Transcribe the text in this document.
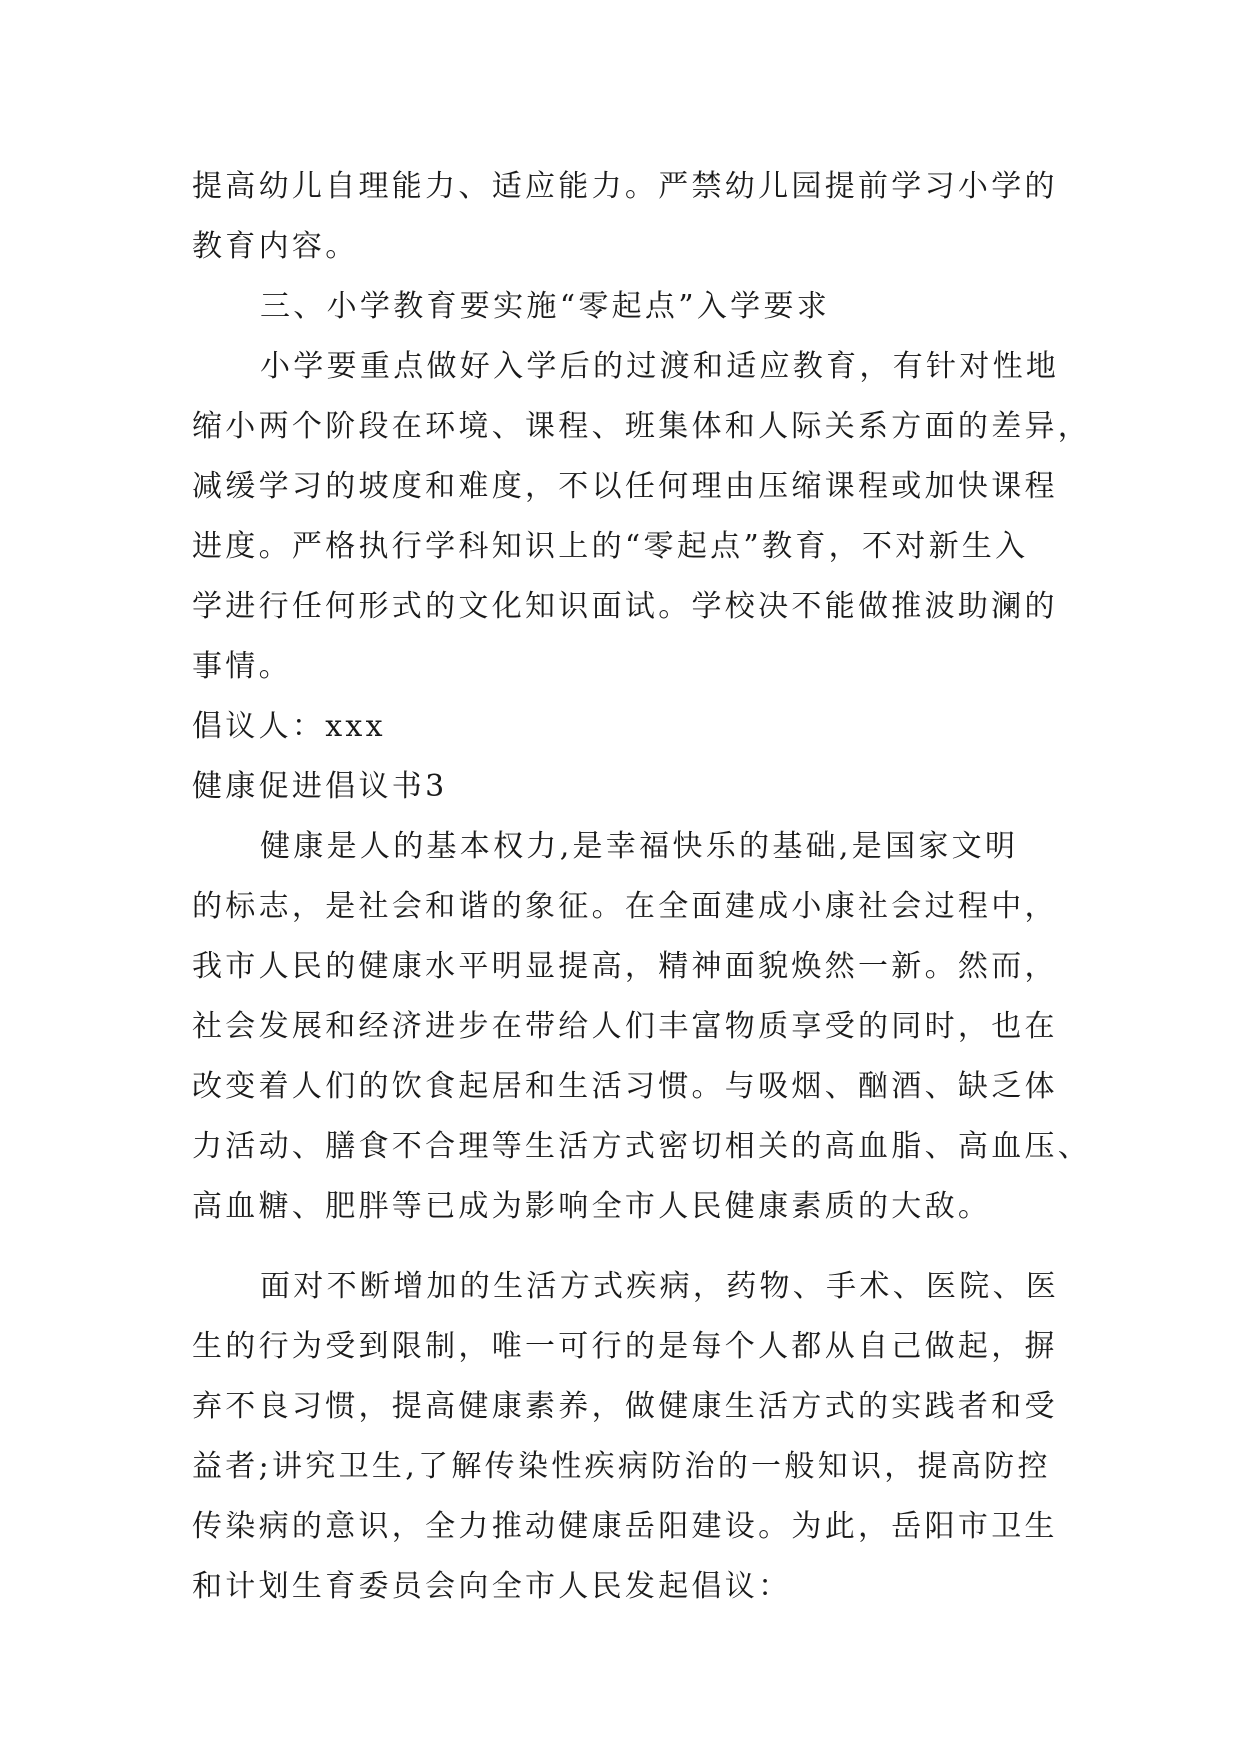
提高幼儿自理能力、适应能力。严禁幼儿园提前学习小学的
教育内容。
三、小学教育要实施“零起点”入学要求
小学要重点做好入学后的过渡和适应教育，有针对性地
缩小两个阶段在环境、课程、班集体和人际关系方面的差异，
减缓学习的坡度和难度，不以任何理由压缩课程或加快课程
进度。严格执行学科知识上的“零起点”教育，不对新生入
学进行任何形式的文化知识面试。学校决不能做推波助澜的
事情。
倡议人：xxx
健康促进倡议书3
健康是人的基本权力,是幸福快乐的基础,是国家文明
的标志，是社会和谐的象征。在全面建成小康社会过程中，
我市人民的健康水平明显提高，精神面貌焕然一新。然而，
社会发展和经济进步在带给人们丰富物质享受的同时，也在
改变着人们的饮食起居和生活习惯。与吸烟、酗酒、缺乏体
力活动、膳食不合理等生活方式密切相关的高血脂、高血压、
高血糖、肥胖等已成为影响全市人民健康素质的大敌。
面对不断增加的生活方式疾病，药物、手术、医院、医
生的行为受到限制，唯一可行的是每个人都从自己做起，摒
弃不良习惯，提高健康素养，做健康生活方式的实践者和受
益者;讲究卫生,了解传染性疾病防治的一般知识，提高防控
传染病的意识，全力推动健康岳阳建设。为此，岳阳市卫生
和计划生育委员会向全市人民发起倡议：
